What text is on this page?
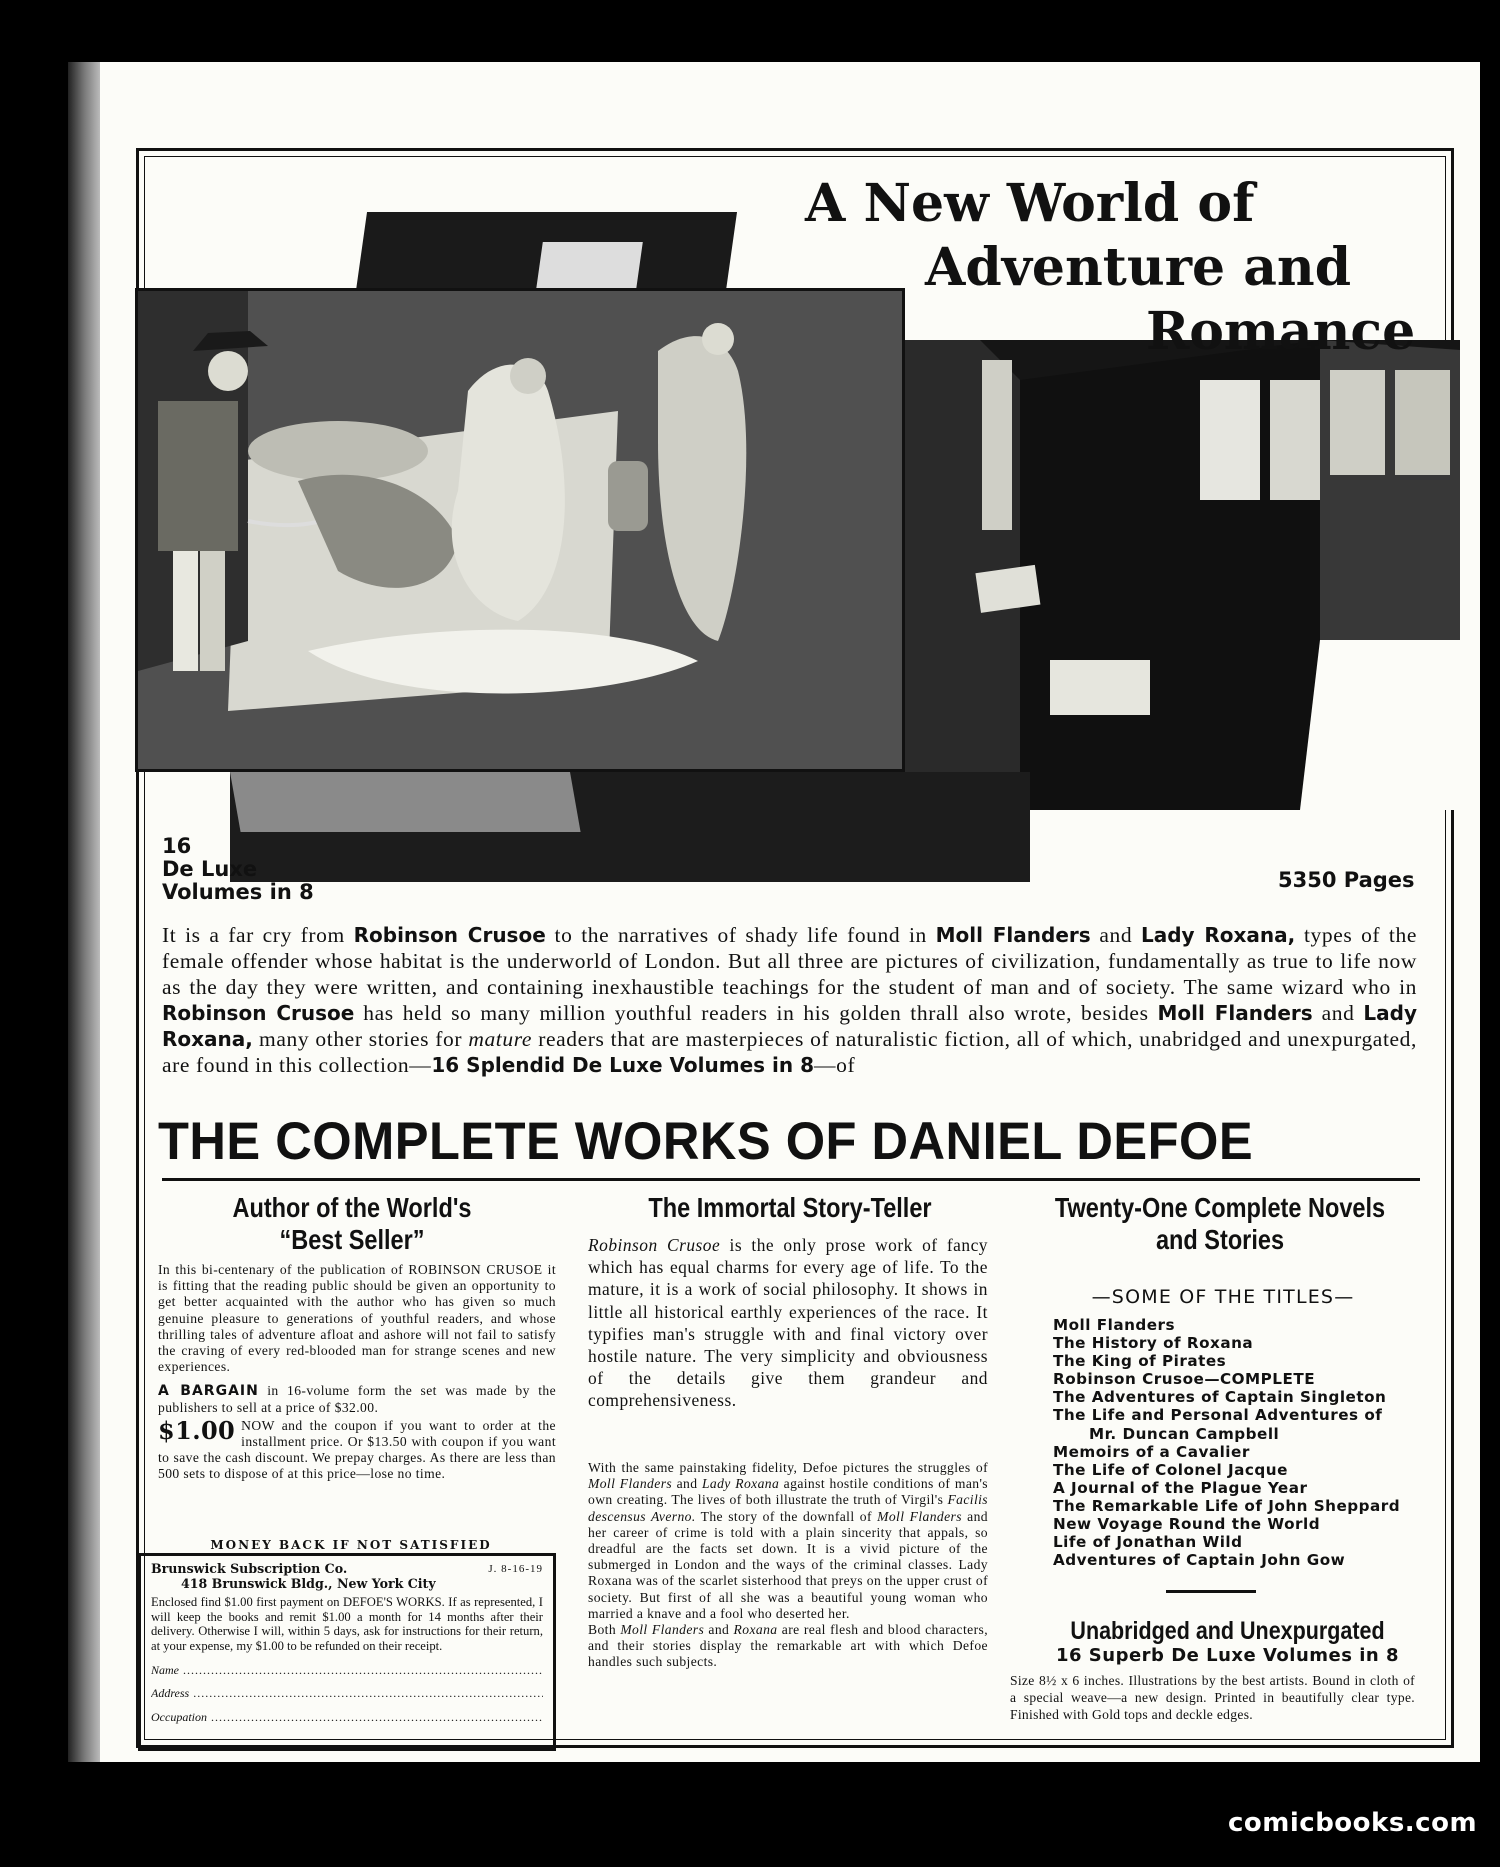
A New World of
Adventure and
Romance
16
De Luxe
Volumes in 8	5350 Pages
It is a far cry from Robinson Crusoe to the narratives of shady life found in Moll Flanders and Lady Roxana, types of the female offender whose habitat is the underworld of London. But all three are pictures of civilization, fundamentally as true to life now as the day they were written, and containing inexhaustible teachings for the student of man and of society. The same wizard who in Robinson Crusoe has held so many million youthful readers in his golden thrall also wrote, besides Moll Flanders and Lady Roxana, many other stories for mature readers that are masterpieces of naturalistic fiction, all of which, unabridged and unexpurgated, are found in this collection—16 Splendid De Luxe Volumes in 8—of
THE COMPLETE WORKS OF DANIEL DEFOE
Author of the World's
“Best Seller”
In this bi-centenary of the publication of ROBINSON CRUSOE it is fitting that the reading public should be given an opportunity to get better acquainted with the author who has given so much genuine pleasure to generations of youthful readers, and whose thrilling tales of adventure afloat and ashore will not fail to satisfy the craving of every red-blooded man for strange scenes and new experiences.
A BARGAIN in 16-volume form the set was made by the publishers to sell at a price of $32.00.
$1.00 NOW and the coupon if you want to order at the installment price. Or $13.50 with coupon if you want to save the cash discount. We prepay charges. As there are less than 500 sets to dispose of at this price—lose no time.
MONEY BACK IF NOT SATISFIED
Brunswick Subscription Co.	J. 8-16-19
418 Brunswick Bldg., New York City
Enclosed find $1.00 first payment on DEFOE'S WORKS. If as represented, I will keep the books and remit $1.00 a month for 14 months after their delivery. Otherwise I will, within 5 days, ask for instructions for their return, at your expense, my $1.00 to be refunded on their receipt.
Name .....
Address .....
Occupation .....
The Immortal Story-Teller
Robinson Crusoe is the only prose work of fancy which has equal charms for every age of life. To the mature, it is a work of social philosophy. It shows in little all historical earthly experiences of the race. It typifies man's struggle with and final victory over hostile nature. The very simplicity and obviousness of the details give them grandeur and comprehensiveness.
With the same painstaking fidelity, Defoe pictures the struggles of Moll Flanders and Lady Roxana against hostile conditions of man's own creating. The lives of both illustrate the truth of Virgil's Facilis descensus Averno. The story of the downfall of Moll Flanders and her career of crime is told with a plain sincerity that appals, so dreadful are the facts set down. It is a vivid picture of the submerged in London and the ways of the criminal classes. Lady Roxana was of the scarlet sisterhood that preys on the upper crust of society. But first of all she was a beautiful young woman who married a knave and a fool who deserted her.
Both Moll Flanders and Roxana are real flesh and blood characters, and their stories display the remarkable art with which Defoe handles such subjects.
Twenty-One Complete Novels
and Stories
—SOME OF THE TITLES—
Moll Flanders
The History of Roxana
The King of Pirates
Robinson Crusoe—COMPLETE
The Adventures of Captain Singleton
The Life and Personal Adventures of
Mr. Duncan Campbell
Memoirs of a Cavalier
The Life of Colonel Jacque
A Journal of the Plague Year
The Remarkable Life of John Sheppard
New Voyage Round the World
Life of Jonathan Wild
Adventures of Captain John Gow
Unabridged and Unexpurgated
16 Superb De Luxe Volumes in 8
Size 8½ x 6 inches. Illustrations by the best artists. Bound in cloth of a special weave—a new design. Printed in beautifully clear type. Finished with Gold tops and deckle edges.
comicbooks.com
